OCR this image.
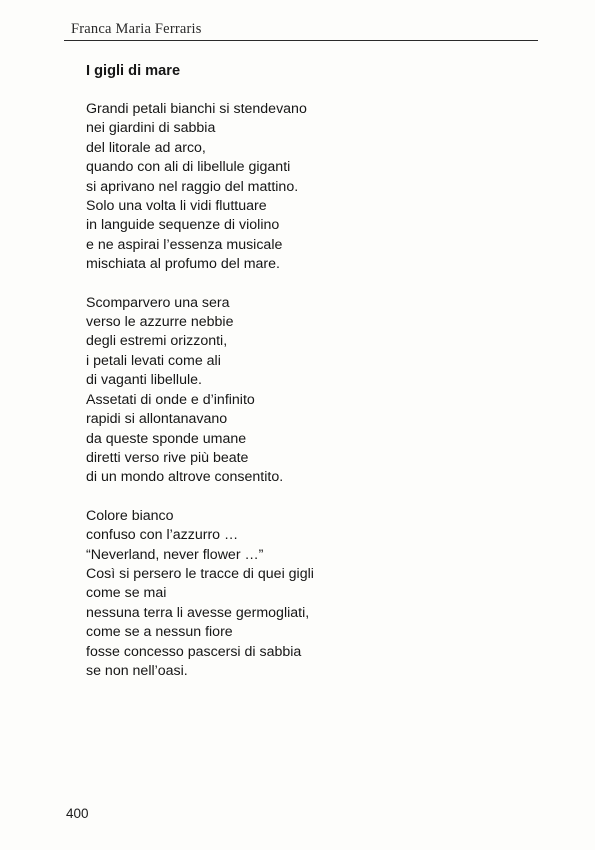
Franca Maria Ferraris
I gigli di mare
Grandi petali bianchi si stendevano
nei giardini di sabbia
del litorale ad arco,
quando con ali di libellule giganti
si aprivano nel raggio del mattino.
Solo una volta li vidi fluttuare
in languide sequenze di violino
e ne aspirai l’essenza musicale
mischiata al profumo del mare.
Scomparvero una sera
verso le azzurre nebbie
degli estremi orizzonti,
i petali levati come ali
di vaganti libellule.
Assetati di onde e d’infinito
rapidi si allontanavano
da queste sponde umane
diretti verso rive più beate
di un mondo altrove consentito.
Colore bianco
confuso con l’azzurro …
“Neverland, never flower …”
Così si persero le tracce di quei gigli
come se mai
nessuna terra li avesse germogliati,
come se a nessun fiore
fosse concesso pascersi di sabbia
se non nell’oasi.
400
